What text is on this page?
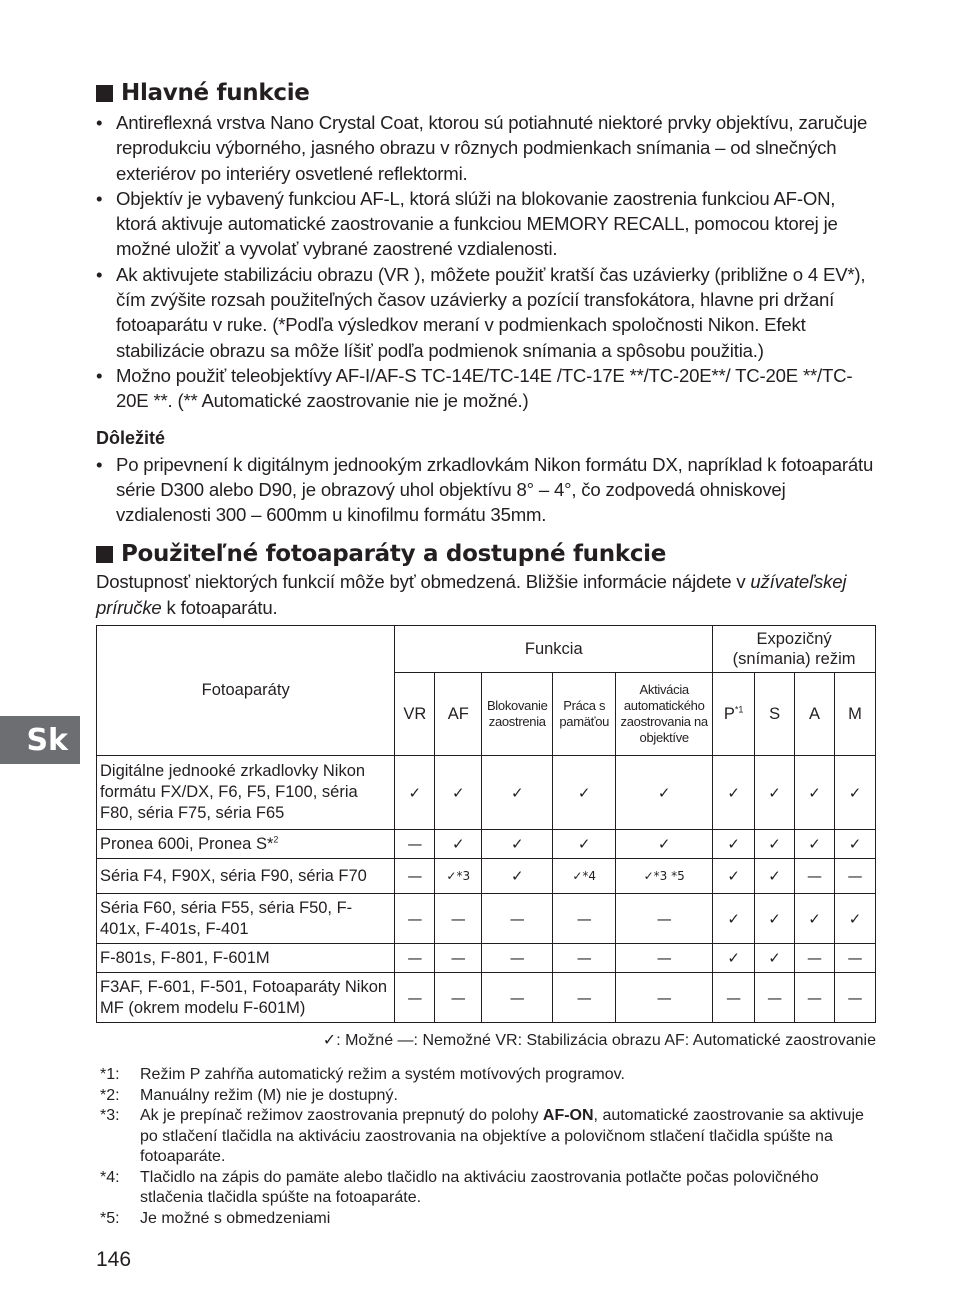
Hlavné funkcie
• Antireflexná vrstva Nano Crystal Coat, ktorou sú potiahnuté niektoré prvky objektívu, zaručuje reprodukciu výborného, jasného obrazu v rôznych podmienkach snímania – od slnečných exteriérov po interiéry osvetlené reflektormi.
• Objektív je vybavený funkciou AF-L, ktorá slúži na blokovanie zaostrenia funkciou AF-ON, ktorá aktivuje automatické zaostrovanie a funkciou MEMORY RECALL, pomocou ktorej je možné uložiť a vyvolať vybrané zaostrené vzdialenosti.
• Ak aktivujete stabilizáciu obrazu (VR ), môžete použiť kratší čas uzávierky (približne o 4 EV*), čím zvýšite rozsah použiteľných časov uzávierky a pozícií transfokátora, hlavne pri držaní fotoaparátu v ruke. (*Podľa výsledkov meraní v podmienkach spoločnosti Nikon. Efekt stabilizácie obrazu sa môže líšiť podľa podmienok snímania a spôsobu použitia.)
• Možno použiť teleobjektívy AF-I/AF-S TC-14E/TC-14E /TC-17E **/TC-20E**/ TC-20E **/TC-20E **. (** Automatické zaostrovanie nie je možné.)
Dôležité
• Po pripevnení k digitálnym jednookým zrkadlovkám Nikon formátu DX, napríklad k fotoaparátu série D300 alebo D90, je obrazový uhol objektívu 8° – 4°, čo zodpovedá ohniskovej vzdialenosti 300 – 600mm u kinofilmu formátu 35mm.
Použiteľné fotoaparáty a dostupné funkcie

Dostupnosť niektorých funkcií môže byť obmedzená. Bližšie informácie nájdete v užívateľskej príručke k fotoaparátu.

Fotoaparáty	Funkcia					Expozičný (snímania) režim			
	VR	AF	Blokovanie zaostrenia	Práca s pamäťou	Aktivácia automatického zaostrovania na objektíve	$P^{*1}$	S	A	M
Digitálne jednooké zrkadlovky Nikon formátu FX/DX, F6, F5, F100, séria F80, séria F75, séria F65	✓	✓	✓	✓	✓	✓	✓	✓	✓
Pronea 600i, Pronea S*$^2$	—	✓	✓	✓	✓	✓	✓	✓	✓
Séria F4, F90X, séria F90, séria F70	—	✓*3	✓	✓*4	✓*3 *5	✓	✓	—	—
Séria F60, séria F55, séria F50, F-401x, F-401s, F-401	—	—	—	—	—	✓	✓	✓	✓
F-801s, F-801, F-601M	—	—	—	—	—	✓	✓	—	—
F3AF, F-601, F-501, Fotoaparáty Nikon MF (okrem modelu F-601M)	—	—	—	—	—	—	—	—	—
✓: Možné —: Nemožné VR: Stabilizácia obrazu AF: Automatické zaostrovanie
*1:	Režim P zahŕňa automatický režim a systém motívových programov.
*2:	Manuálny režim (M) nie je dostupný.
*3:	Ak je prepínač režimov zaostrovania prepnutý do polohy AF-ON, automatické zaostrovanie sa aktivuje po stlačení tlačidla na aktiváciu zaostrovania na objektíve a polovičnom stlačení tlačidla spúšte na fotoaparáte.
*4:	Tlačidlo na zápis do pamäte alebo tlačidlo na aktiváciu zaostrovania potlačte počas polovičného stlačenia tlačidla spúšte na fotoaparáte.
*5:	Je možné s obmedzeniami
146
Sk
